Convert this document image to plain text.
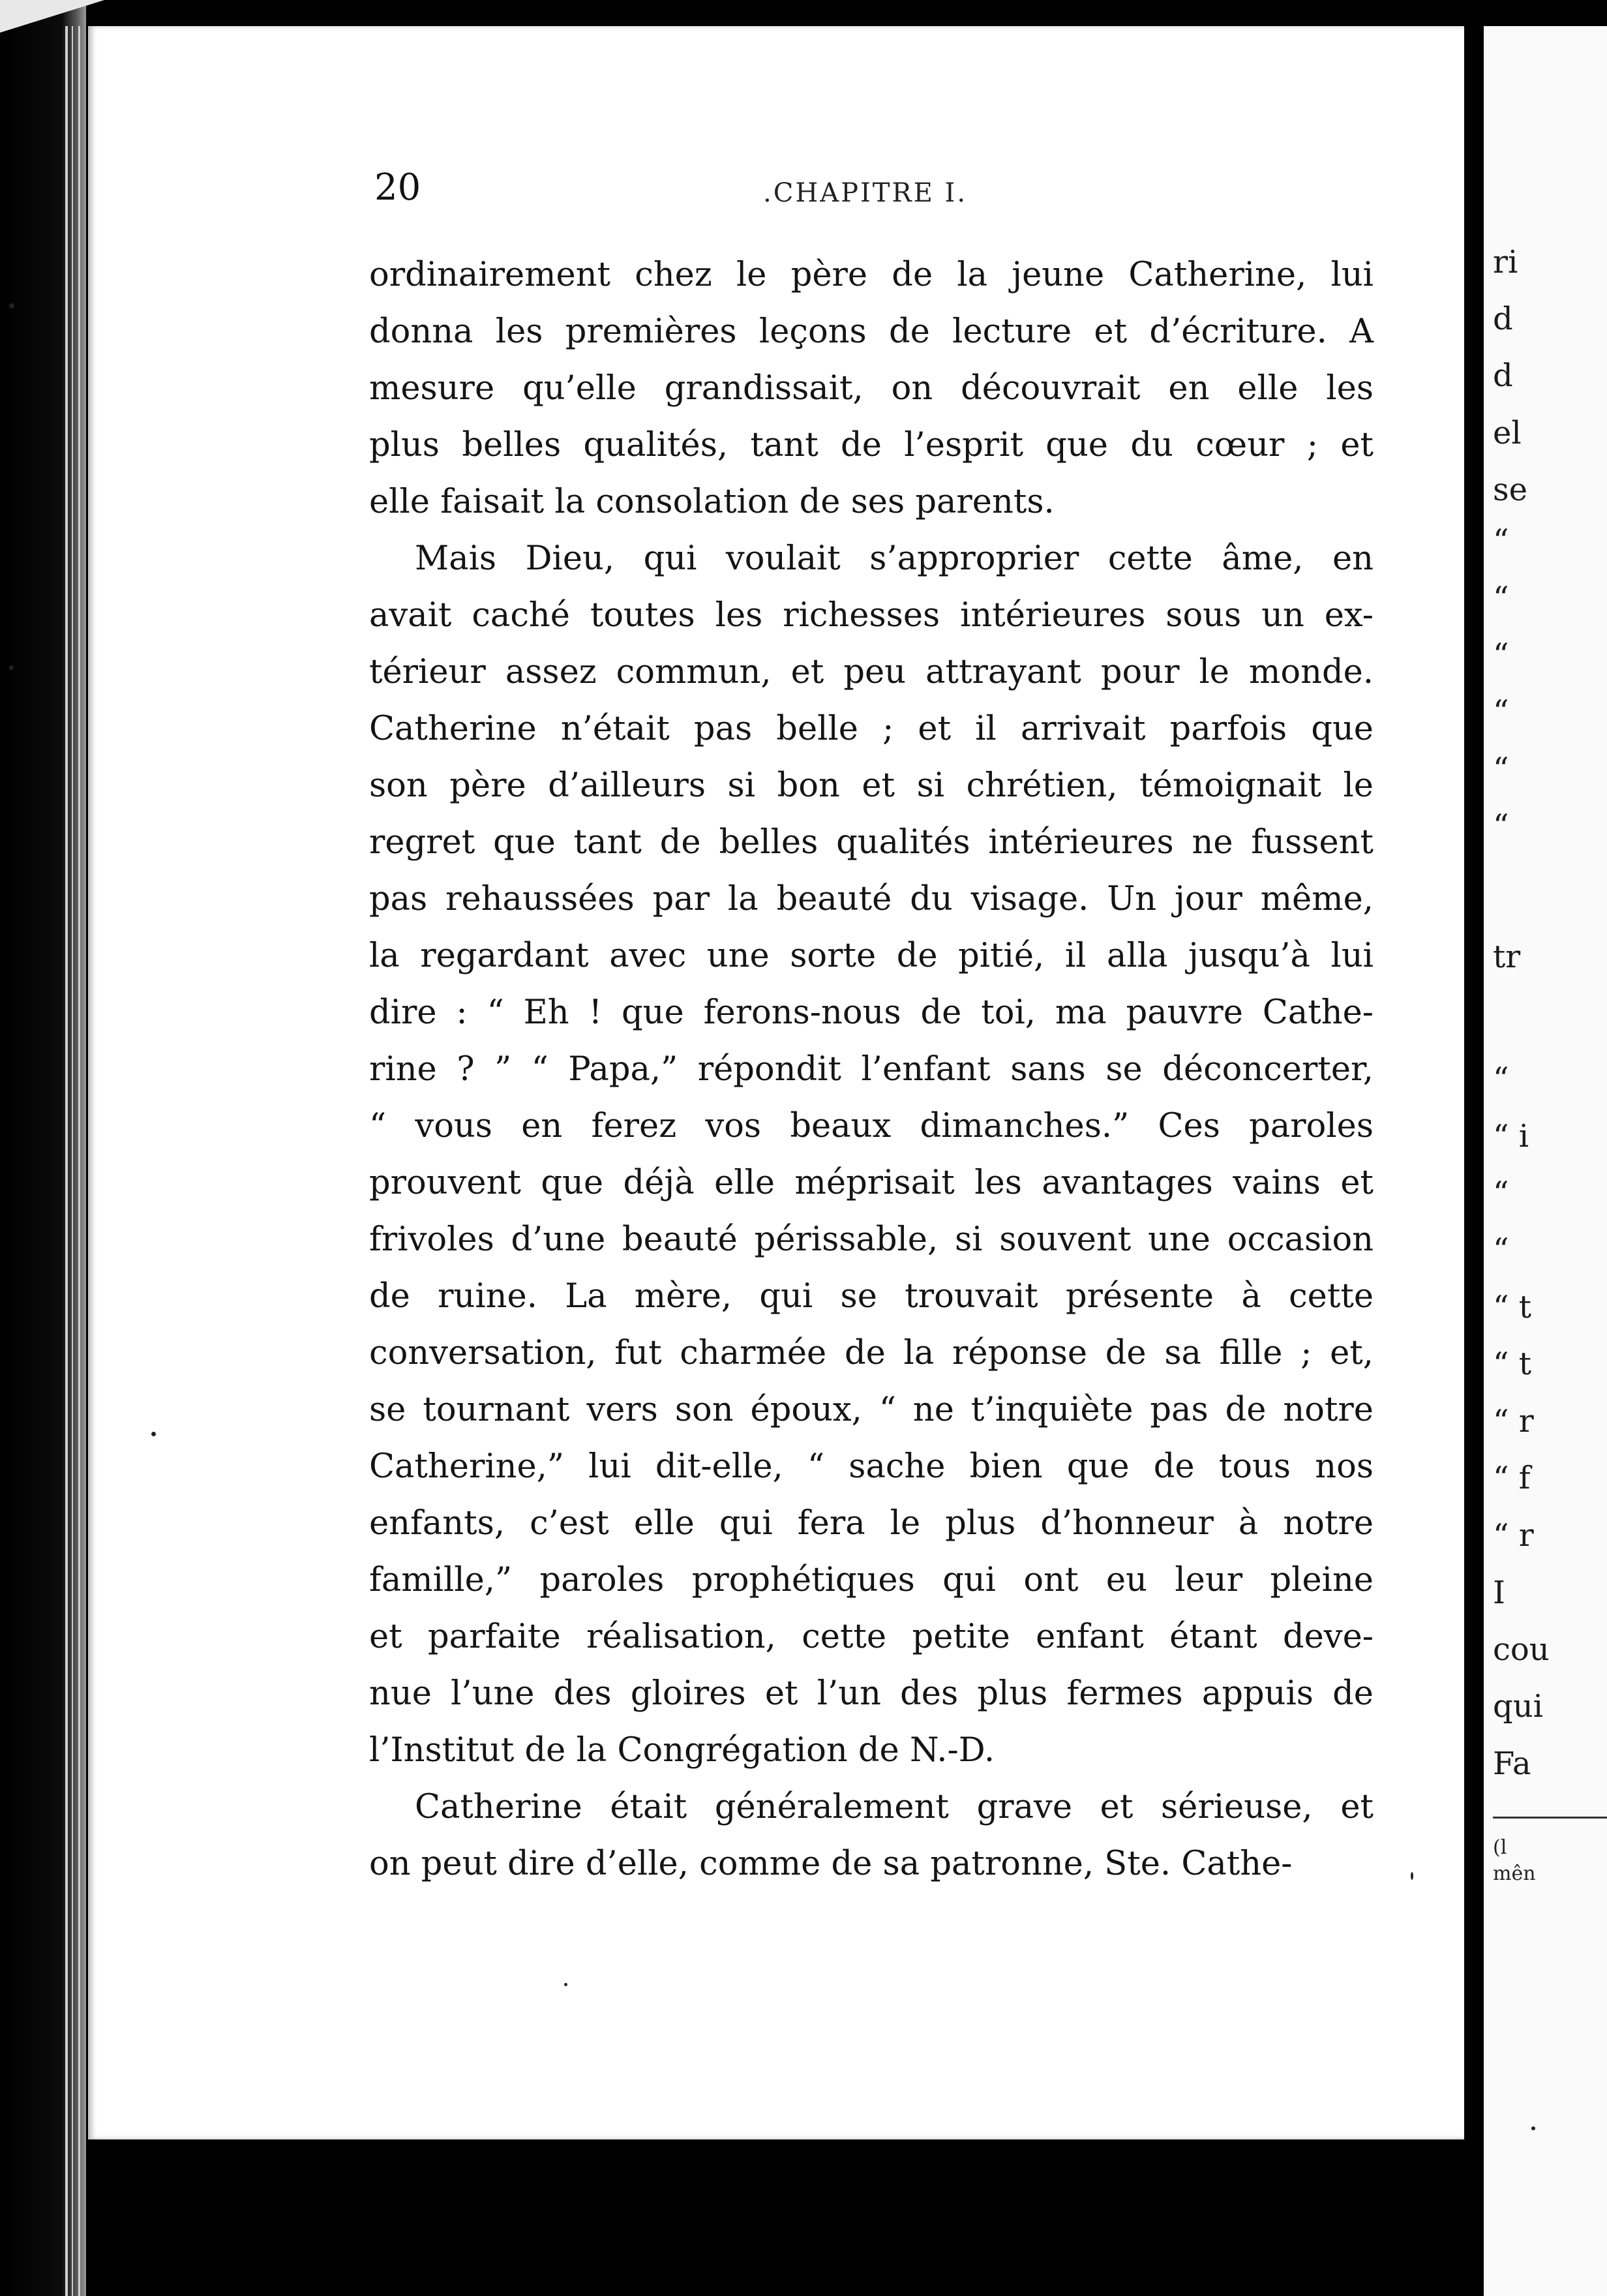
ri
d
d
el
se
“
“
“
“
“
“
tr
“
“ i
“
“
“ t
“ t
“ r
“ f
“ r
I
cou
qui
Fa
(l
mên
20	.CHAPITRE I.
ordinairement chez le père de la jeune Catherine, lui
donna les premières leçons de lecture et d’écriture. A
mesure qu’elle grandissait, on découvrait en elle les
plus belles qualités, tant de l’esprit que du cœur ; et
elle faisait la consolation de ses parents.
Mais Dieu, qui voulait s’approprier cette âme, en
avait caché toutes les richesses intérieures sous un ex-
térieur assez commun, et peu attrayant pour le monde.
Catherine n’était pas belle ; et il arrivait parfois que
son père d’ailleurs si bon et si chrétien, témoignait le
regret que tant de belles qualités intérieures ne fussent
pas rehaussées par la beauté du visage. Un jour même,
la regardant avec une sorte de pitié, il alla jusqu’à lui
dire : “ Eh ! que ferons-nous de toi, ma pauvre Cathe-
rine ? ” “ Papa,” répondit l’enfant sans se déconcerter,
“ vous en ferez vos beaux dimanches.” Ces paroles
prouvent que déjà elle méprisait les avantages vains et
frivoles d’une beauté périssable, si souvent une occasion
de ruine. La mère, qui se trouvait présente à cette
conversation, fut charmée de la réponse de sa fille ; et,
se tournant vers son époux, “ ne t’inquiète pas de notre
Catherine,” lui dit-elle, “ sache bien que de tous nos
enfants, c’est elle qui fera le plus d’honneur à notre
famille,” paroles prophétiques qui ont eu leur pleine
et parfaite réalisation, cette petite enfant étant deve-
nue l’une des gloires et l’un des plus fermes appuis de
l’Institut de la Congrégation de N.-D.
Catherine était généralement grave et sérieuse, et
on peut dire d’elle, comme de sa patronne, Ste. Cathe-
